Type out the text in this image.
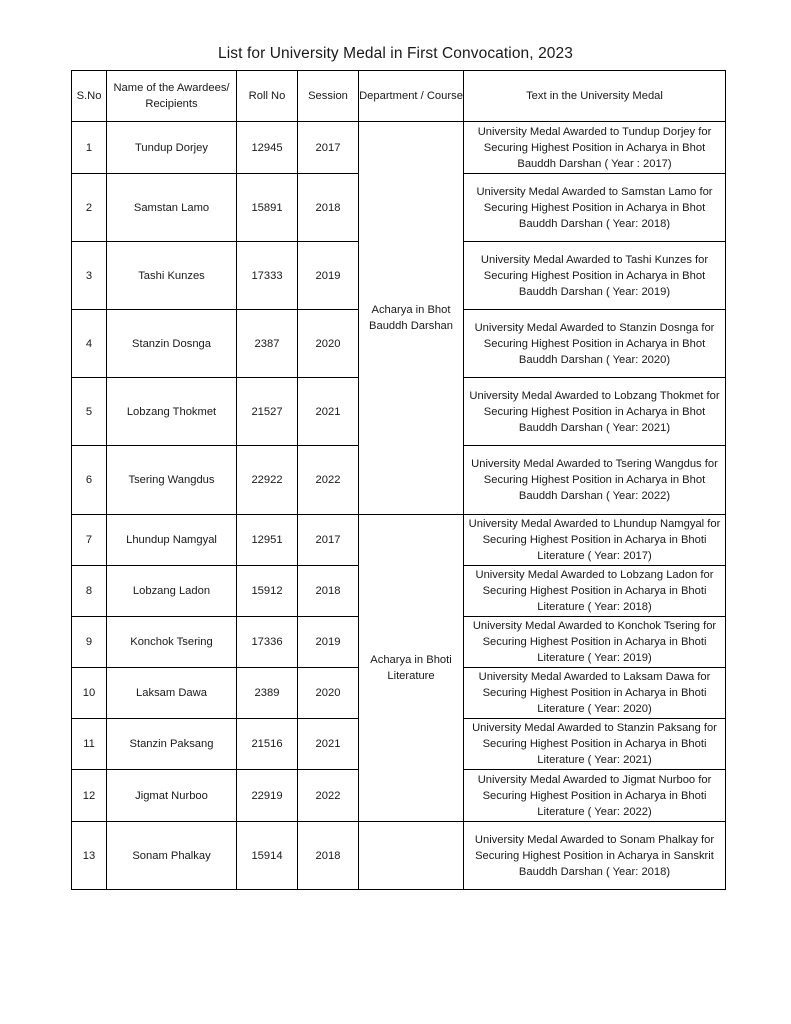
List for University Medal in First Convocation, 2023
S.No	Name of the Awardees/ Recipients	Roll No	Session	Department / Course	Text in the University Medal
1	Tundup Dorjey	12945	2017	Acharya in Bhot Bauddh Darshan	University Medal Awarded to Tundup Dorjey for Securing Highest Position in Acharya in Bhot Bauddh Darshan ( Year : 2017)
2	Samstan Lamo	15891	2018		University Medal Awarded to Samstan Lamo for Securing Highest Position in Acharya in Bhot Bauddh Darshan ( Year: 2018)
3	Tashi Kunzes	17333	2019		University Medal Awarded to Tashi Kunzes for Securing Highest Position in Acharya in Bhot Bauddh Darshan ( Year: 2019)
4	Stanzin Dosnga	2387	2020		University Medal Awarded to Stanzin Dosnga for Securing Highest Position in Acharya in Bhot Bauddh Darshan ( Year: 2020)
5	Lobzang Thokmet	21527	2021		University Medal Awarded to Lobzang Thokmet for Securing Highest Position in Acharya in Bhot Bauddh Darshan ( Year: 2021)
6	Tsering Wangdus	22922	2022		University Medal Awarded to Tsering Wangdus for Securing Highest Position in Acharya in Bhot Bauddh Darshan ( Year: 2022)
7	Lhundup Namgyal	12951	2017	Acharya in Bhoti Literature	University Medal Awarded to Lhundup Namgyal for Securing Highest Position in Acharya in Bhoti Literature ( Year: 2017)
8	Lobzang Ladon	15912	2018		University Medal Awarded to Lobzang Ladon for Securing Highest Position in Acharya in Bhoti Literature ( Year: 2018)
9	Konchok Tsering	17336	2019		University Medal Awarded to Konchok Tsering for Securing Highest Position in Acharya in Bhoti Literature ( Year: 2019)
10	Laksam Dawa	2389	2020		University Medal Awarded to Laksam Dawa for Securing Highest Position in Acharya in Bhoti Literature ( Year: 2020)
11	Stanzin Paksang	21516	2021		University Medal Awarded to Stanzin Paksang for Securing Highest Position in Acharya in Bhoti Literature ( Year: 2021)
12	Jigmat Nurboo	22919	2022		University Medal Awarded to Jigmat Nurboo for Securing Highest Position in Acharya in Bhoti Literature ( Year: 2022)
13	Sonam Phalkay	15914	2018		University Medal Awarded to Sonam Phalkay for Securing Highest Position in Acharya in Sanskrit Bauddh Darshan ( Year: 2018)
